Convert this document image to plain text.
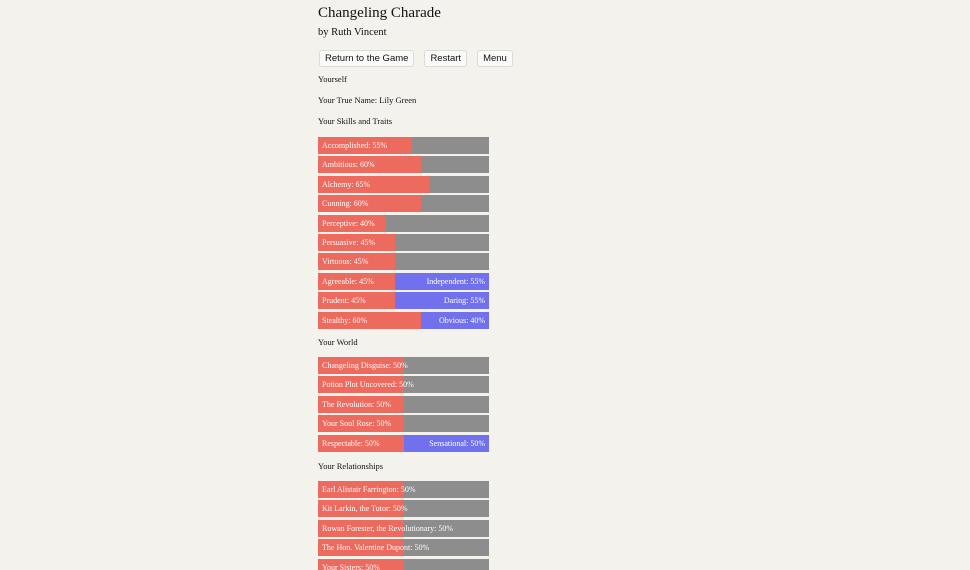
Changeling Charade
by Ruth Vincent
Return to the Game Restart Menu
Yourself
Your True Name: Lily Green
Your Skills and Traits
Accomplished: 55%
Ambitious: 60%
Alchemy: 65%
Cunning: 60%
Perceptive: 40%
Persuasive: 45%
Virtuous: 45%
Agreeable: 45%	Independent: 55%
Prudent: 45%	Daring: 55%
Stealthy: 60%	Obvious: 40%
Your World
Changeling Disguise: 50%
Potion Plot Uncovered: 50%
The Revolution: 50%
Your Soul Rose: 50%
Respectable: 50%	Sensational: 50%
Your Relationships
Earl Alistair Farrington: 50%
Kit Larkin, the Tutor: 50%
Rowan Forester, the Revolutionary: 50%
The Hon. Valentine Dupont: 50%
Your Sisters: 50%
